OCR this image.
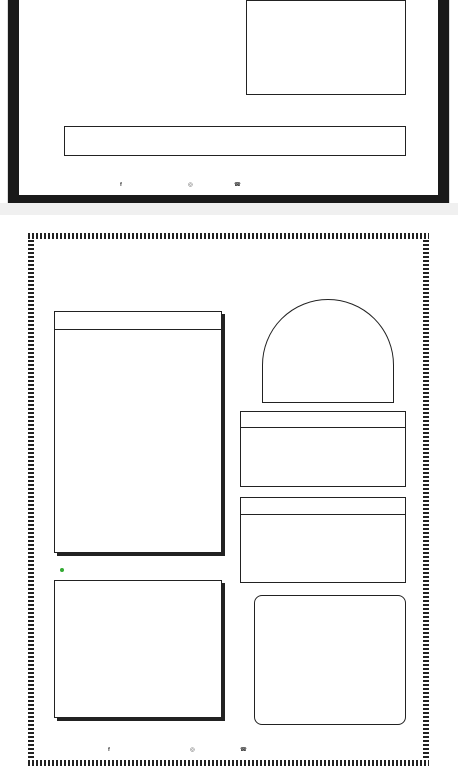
f	◎	☎
f	◎	☎
